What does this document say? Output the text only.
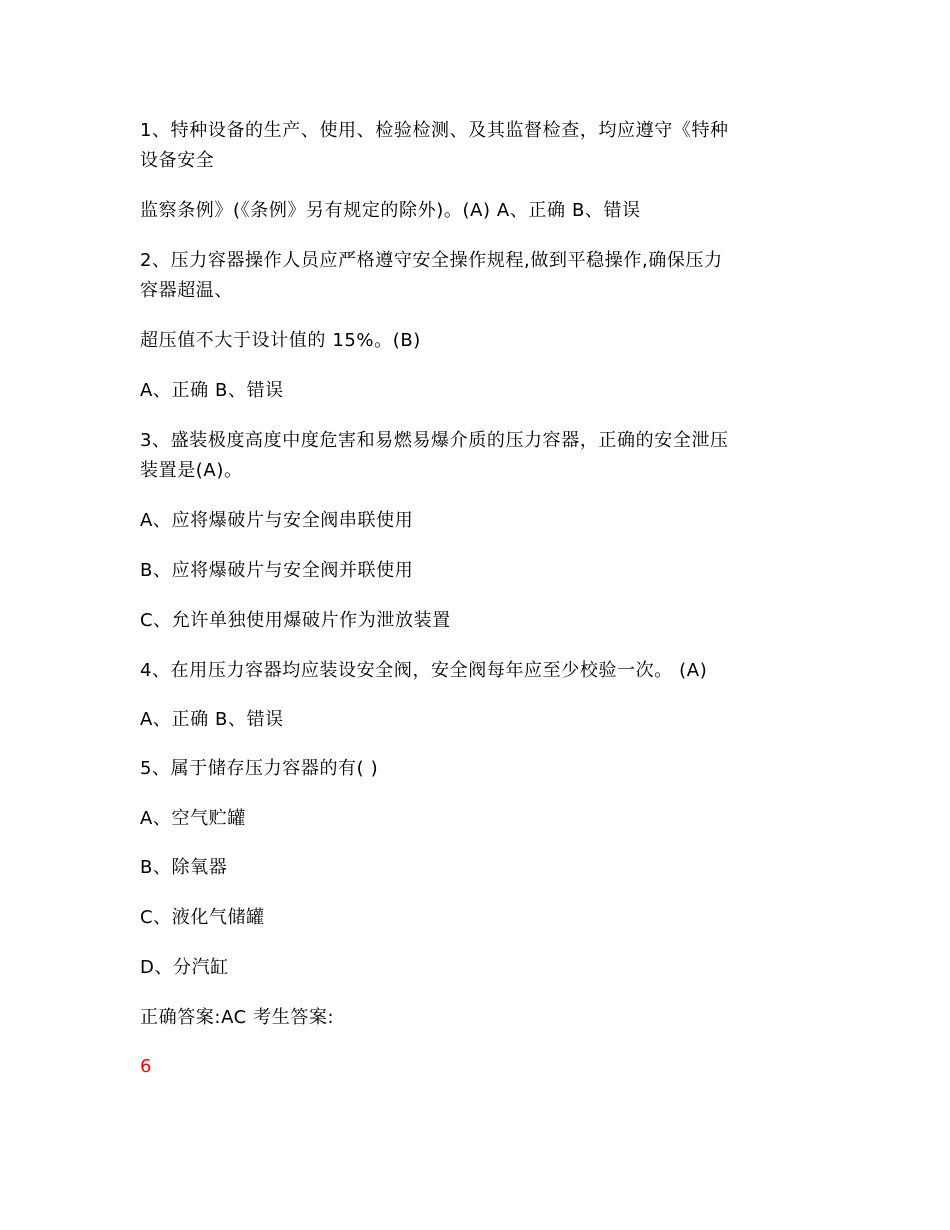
1、特种设备的生产、使用、检验检测、及其监督检查，均应遵守《特种
设备安全
监察条例》(《条例》另有规定的除外)。(A) A、正确 B、错误
2、压力容器操作人员应严格遵守安全操作规程,做到平稳操作,确保压力
容器超温、
超压值不大于设计值的 15%。(B)
A、正确 B、错误
3、盛装极度高度中度危害和易燃易爆介质的压力容器，正确的安全泄压
装置是(A)。
A、应将爆破片与安全阀串联使用
B、应将爆破片与安全阀并联使用
C、允许单独使用爆破片作为泄放装置
4、在用压力容器均应装设安全阀，安全阀每年应至少校验一次。 (A)
A、正确 B、错误
5、属于储存压力容器的有( )
A、空气贮罐
B、除氧器
C、液化气储罐
D、分汽缸
正确答案:AC 考生答案:
6
